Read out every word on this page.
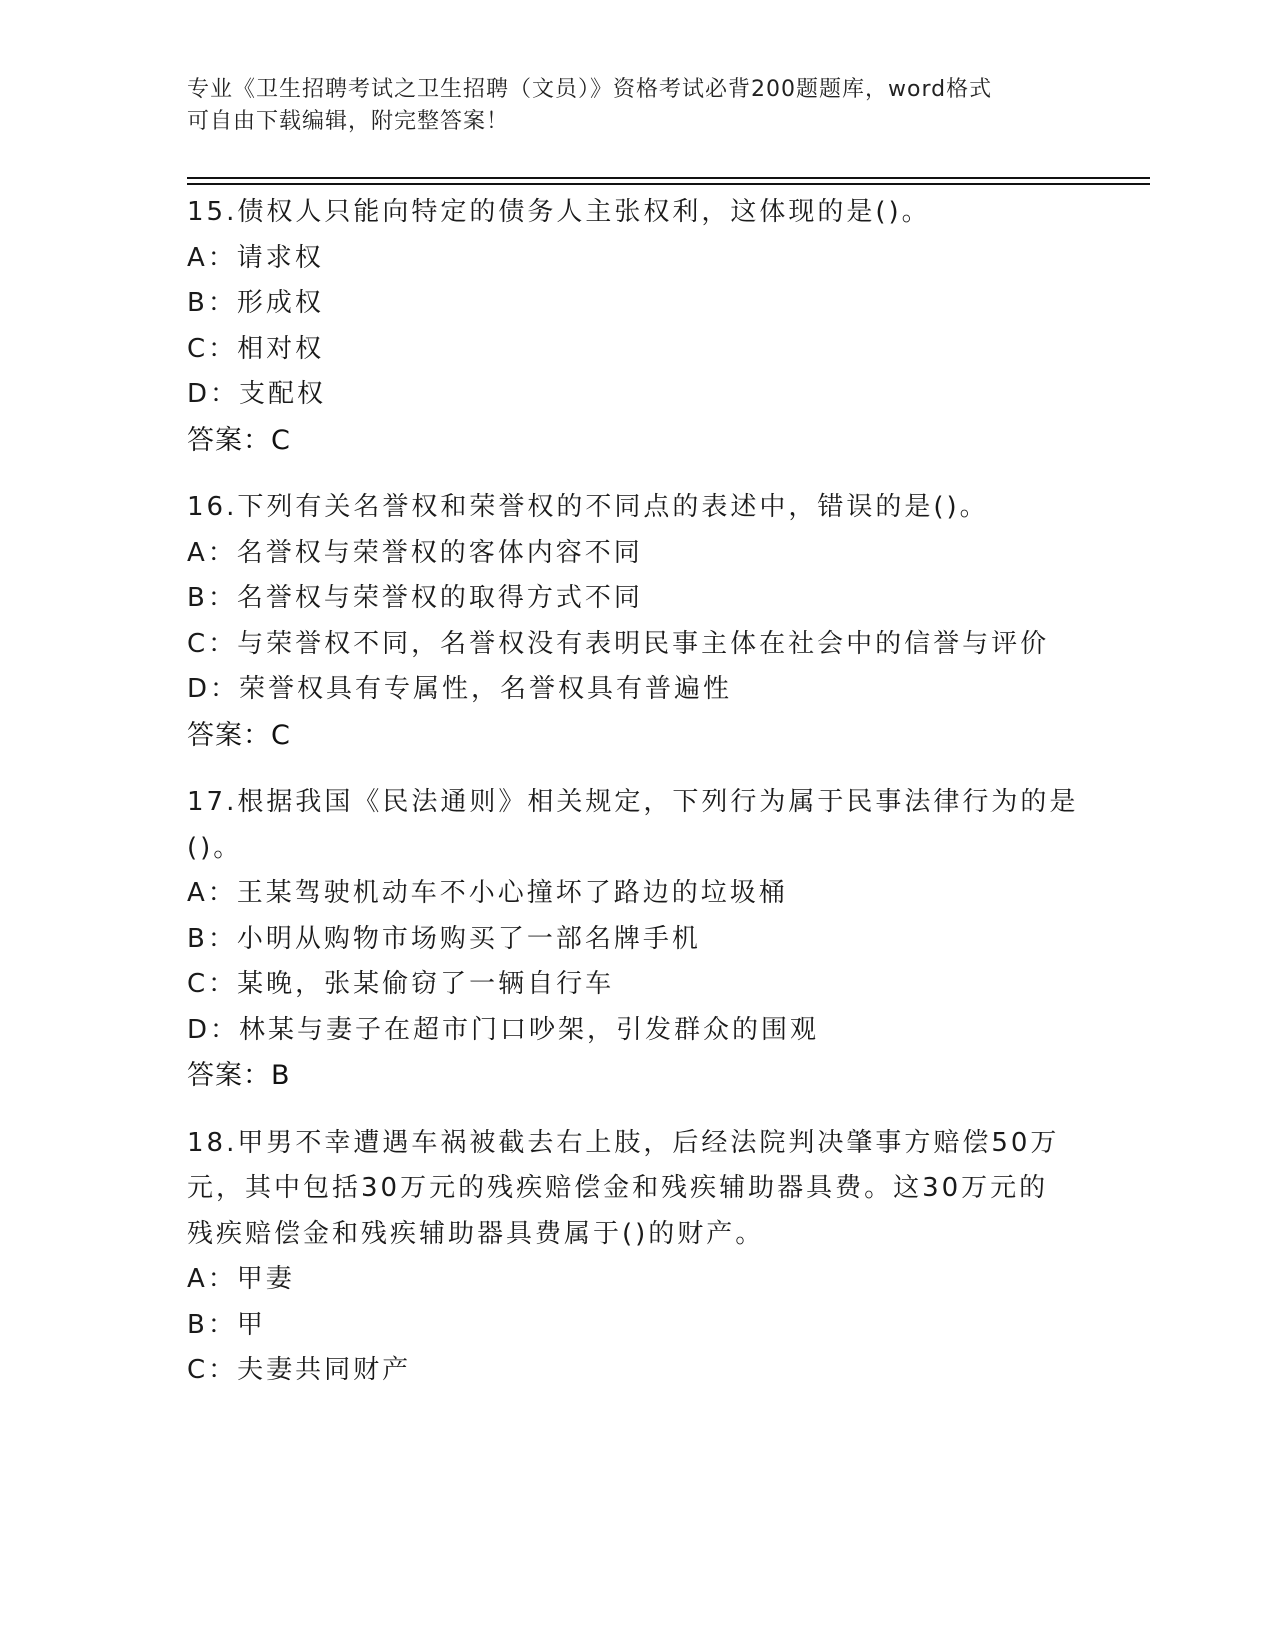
专业《卫生招聘考试之卫生招聘（文员）》资格考试必背200题题库，word格式
可自由下载编辑，附完整答案！
15.债权人只能向特定的债务人主张权利，这体现的是()。
A：请求权
B：形成权
C：相对权
D：支配权
答案：C
16.下列有关名誉权和荣誉权的不同点的表述中，错误的是()。
A：名誉权与荣誉权的客体内容不同
B：名誉权与荣誉权的取得方式不同
C：与荣誉权不同，名誉权没有表明民事主体在社会中的信誉与评价
D：荣誉权具有专属性，名誉权具有普遍性
答案：C
17.根据我国《民法通则》相关规定，下列行为属于民事法律行为的是
()。
A：王某驾驶机动车不小心撞坏了路边的垃圾桶
B：小明从购物市场购买了一部名牌手机
C：某晚，张某偷窃了一辆自行车
D：林某与妻子在超市门口吵架，引发群众的围观
答案：B
18.甲男不幸遭遇车祸被截去右上肢，后经法院判决肇事方赔偿50万
元，其中包括30万元的残疾赔偿金和残疾辅助器具费。这30万元的
残疾赔偿金和残疾辅助器具费属于()的财产。
A：甲妻
B：甲
C：夫妻共同财产
